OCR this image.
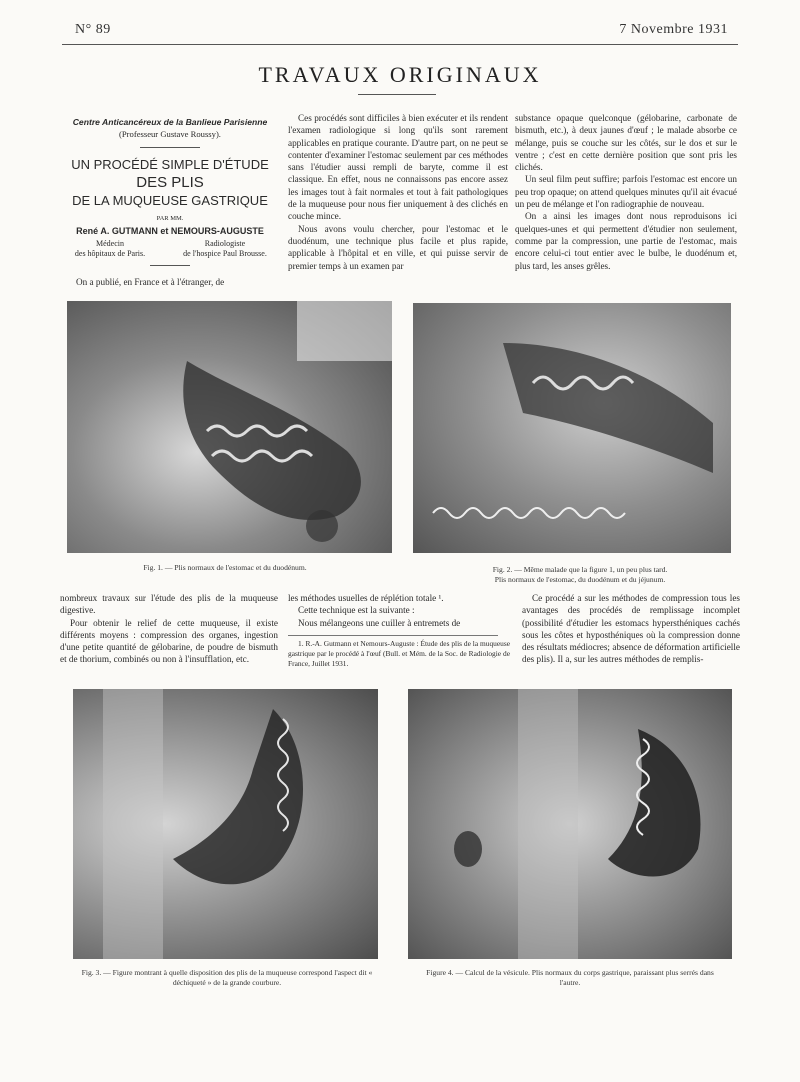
N° 89	7 Novembre 1931
TRAVAUX ORIGINAUX
Centre Anticancéreux de la Banlieue Parisienne
(Professeur Gustave Roussy).
UN PROCÉDÉ SIMPLE D'ÉTUDE
DES PLIS
DE LA MUQUEUSE GASTRIQUE
PAR MM.
René A. GUTMANN et NEMOURS-AUGUSTE
Médecin
des hôpitaux de Paris.
Radiologiste
de l'hospice Paul Brousse.

On a publié, en France et à l'étranger, de

Ces procédés sont difficiles à bien exécuter et ils rendent l'examen radiologique si long qu'ils sont rarement applicables en pratique courante. D'autre part, on ne peut se contenter d'examiner l'estomac seulement par ces méthodes sans l'étudier aussi rempli de baryte, comme il est classique. En effet, nous ne connaissons pas encore assez les images tout à fait normales et tout à fait pathologiques de la muqueuse pour nous fier uniquement à des clichés en couche mince.

Nous avons voulu chercher, pour l'estomac et le duodénum, une technique plus facile et plus rapide, applicable à l'hôpital et en ville, et qui puisse servir de premier temps à un examen par

substance opaque quelconque (gélobarine, carbonate de bismuth, etc.), à deux jaunes d'œuf ; le malade absorbe ce mélange, puis se couche sur les côtés, sur le dos et sur le ventre ; c'est en cette dernière position que sont pris les clichés.

Un seul film peut suffire; parfois l'estomac est encore un peu trop opaque; on attend quelques minutes qu'il ait évacué un peu de mélange et l'on radiographie de nouveau.

On a ainsi les images dont nous reproduisons ici quelques-unes et qui permettent d'étudier non seulement, comme par la compression, une partie de l'estomac, mais encore celui-ci tout entier avec le bulbe, le duodénum et, plus tard, les anses grêles.

Fig. 1. — Plis normaux de l'estomac et du duodénum.	Fig. 2. — Même malade que la figure 1, un peu plus tard.
Plis normaux de l'estomac, du duodénum et du jéjunum.

nombreux travaux sur l'étude des plis de la muqueuse digestive.

Pour obtenir le relief de cette muqueuse, il existe différents moyens : compression des organes, ingestion d'une petite quantité de gélobarine, de poudre de bismuth et de thorium, combinés ou non à l'insufflation, etc.

les méthodes usuelles de réplétion totale ¹.

Cette technique est la suivante :

Nous mélangeons une cuiller à entremets de

1. R.-A. Gutmann et Nemours-Auguste : Étude des plis de la muqueuse gastrique par le procédé à l'œuf (Bull. et Mém. de la Soc. de Radiologie de France, Juillet 1931.

Ce procédé a sur les méthodes de compression tous les avantages des procédés de remplissage incomplet (possibilité d'étudier les estomacs hypersthéniques cachés sous les côtes et hyposthéniques où la compression donne des résultats médiocres; absence de déformation artificielle des plis). Il a, sur les autres méthodes de remplis-

Fig. 3. — Figure montrant à quelle disposition des plis de la muqueuse correspond l'aspect dit « déchiqueté » de la grande courbure.
Figure 4. — Calcul de la vésicule. Plis normaux du corps gastrique, paraissant plus serrés dans l'autre.
